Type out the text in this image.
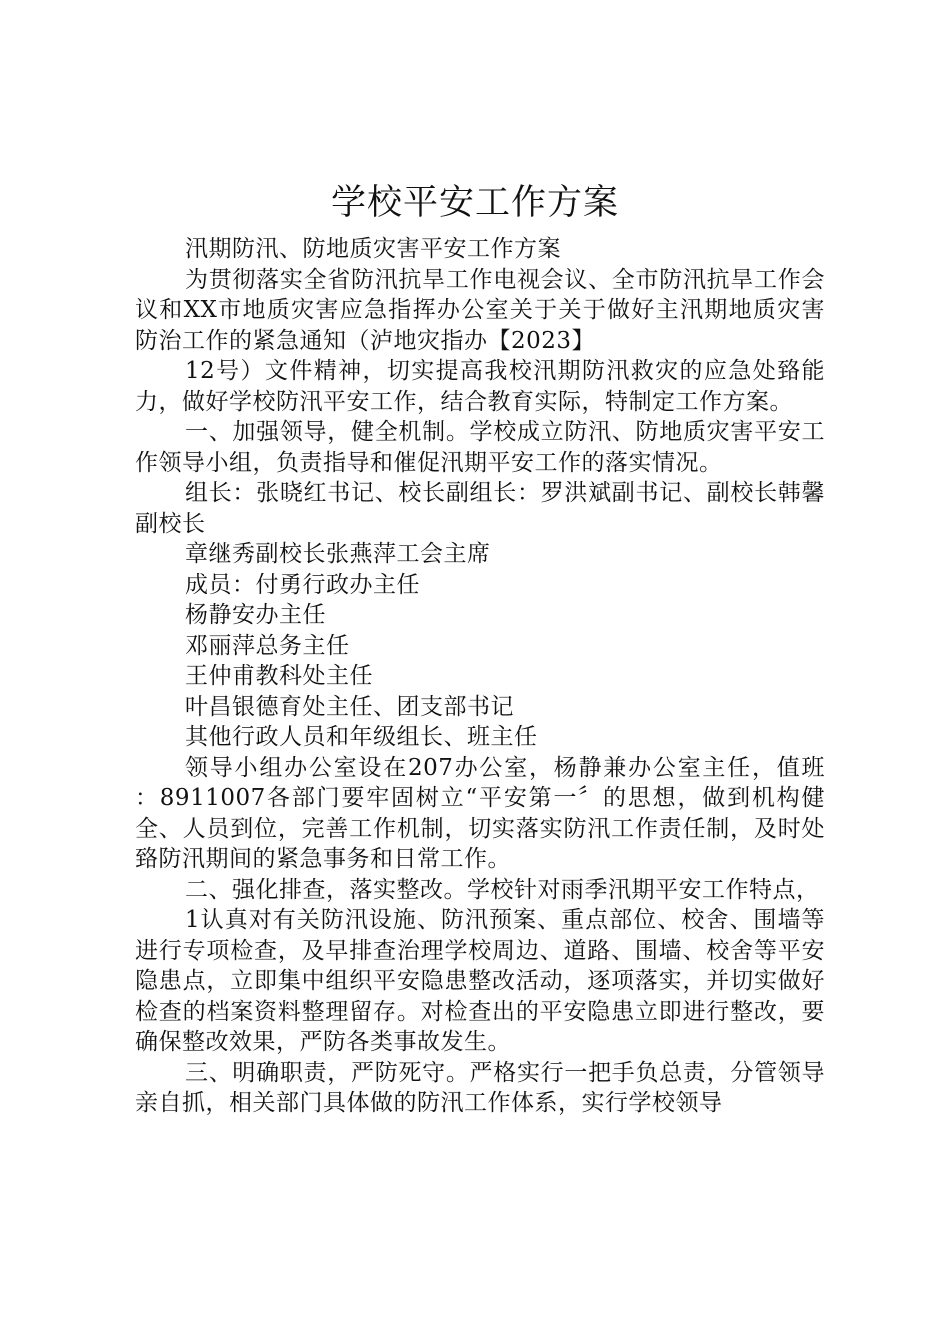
学校平安工作方案

汛期防汛、防地质灾害平安工作方案

为贯彻落实全省防汛抗旱工作电视会议、全市防汛抗旱工作会议和XX市地质灾害应急指挥办公室关于关于做好主汛期地质灾害防治工作的紧急通知（泸地灾指办【2023】

12号）文件精神，切实提高我校汛期防汛救灾的应急处臵能力，做好学校防汛平安工作，结合教育实际，特制定工作方案。

一、加强领导，健全机制。学校成立防汛、防地质灾害平安工作领导小组，负责指导和催促汛期平安工作的落实情况。

组长：张晓红书记、校长副组长：罗洪斌副书记、副校长韩馨副校长

章继秀副校长张燕萍工会主席

成员：付勇行政办主任

杨静安办主任

邓丽萍总务主任

王仲甫教科处主任

叶昌银德育处主任、团支部书记

其他行政人员和年级组长、班主任

领导小组办公室设在207办公室，杨静兼办公室主任，值班 ：8911007各部门要牢固树立“平安第一〞的思想，做到机构健全、人员到位，完善工作机制，切实落实防汛工作责任制，及时处臵防汛期间的紧急事务和日常工作。

二、强化排查，落实整改。学校针对雨季汛期平安工作特点，

1认真对有关防汛设施、防汛预案、重点部位、校舍、围墙等进行专项检查，及早排查治理学校周边、道路、围墙、校舍等平安隐患点，立即集中组织平安隐患整改活动，逐项落实，并切实做好检查的档案资料整理留存。对检查出的平安隐患立即进行整改，要确保整改效果，严防各类事故发生。

三、明确职责，严防死守。严格实行一把手负总责，分管领导亲自抓，相关部门具体做的防汛工作体系，实行学校领导
